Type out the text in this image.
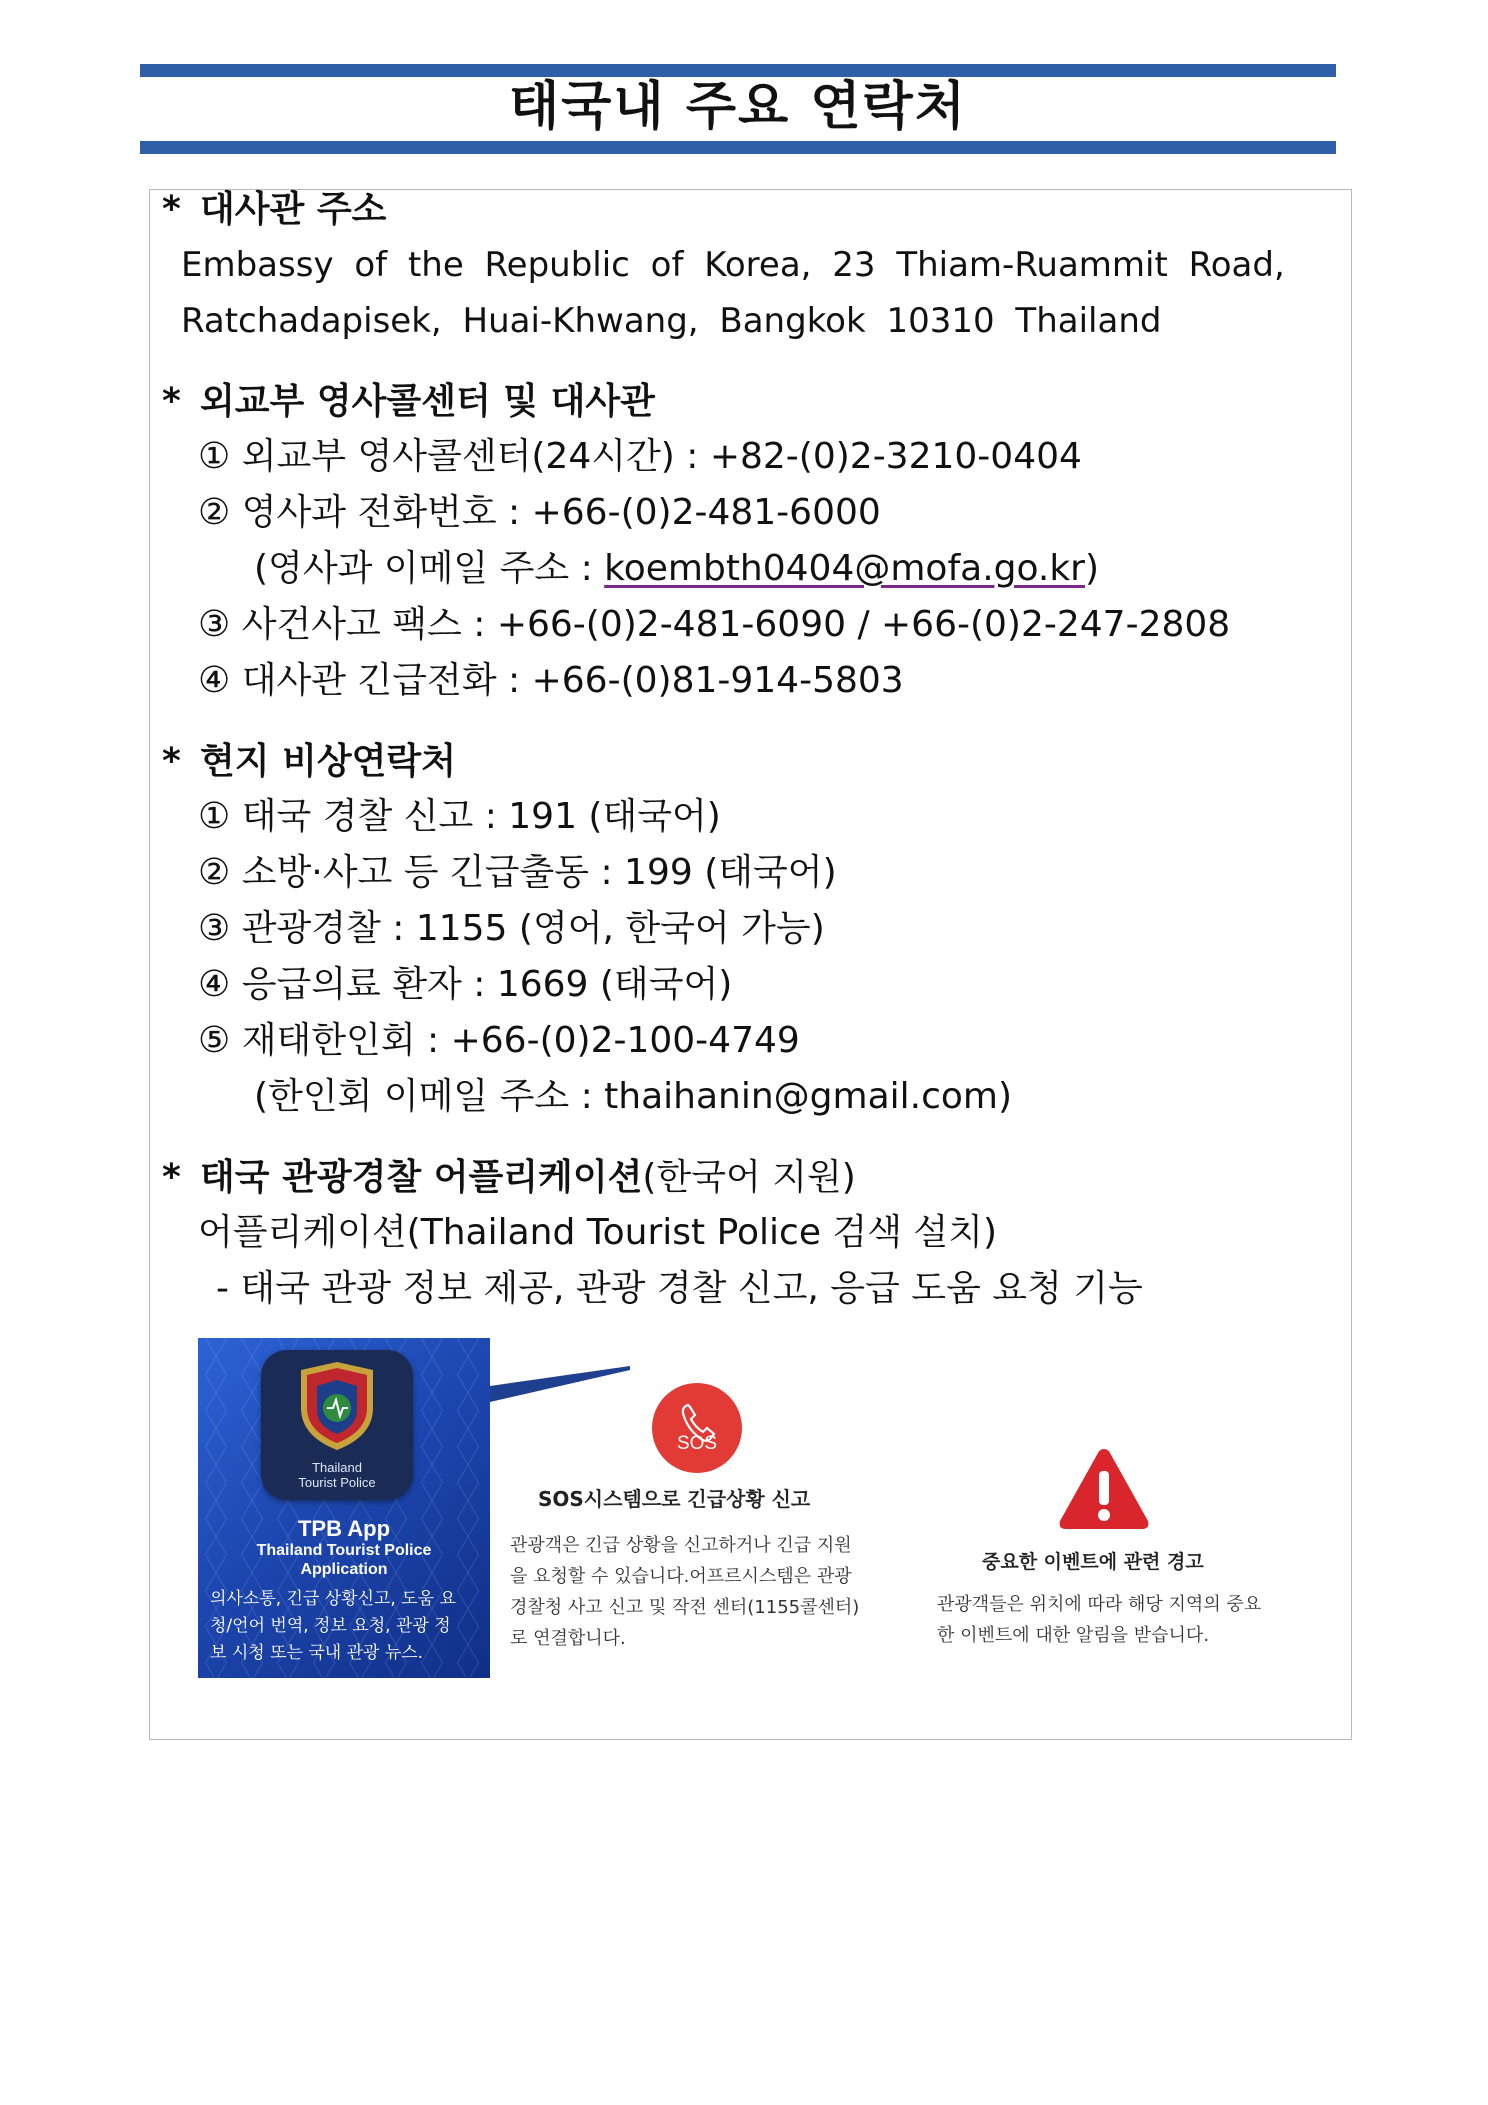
태국내 주요 연락처
* 대사관 주소
Embassy of the Republic of Korea, 23 Thiam-Ruammit Road,
Ratchadapisek, Huai-Khwang, Bangkok 10310 Thailand
* 외교부 영사콜센터 및 대사관
① 외교부 영사콜센터(24시간) : +82-(0)2-3210-0404
② 영사과 전화번호 : +66-(0)2-481-6000
(영사과 이메일 주소 : koembth0404@mofa.go.kr)
③ 사건사고 팩스 : +66-(0)2-481-6090 / +66-(0)2-247-2808
④ 대사관 긴급전화 : +66-(0)81-914-5803
* 현지 비상연락처
① 태국 경찰 신고 : 191 (태국어)
② 소방·사고 등 긴급출동 : 199 (태국어)
③ 관광경찰 : 1155 (영어, 한국어 가능)
④ 응급의료 환자 : 1669 (태국어)
⑤ 재태한인회 : +66-(0)2-100-4749
(한인회 이메일 주소 : thaihanin@gmail.com)
* 태국 관광경찰 어플리케이션(한국어 지원)
어플리케이션(Thailand Tourist Police 검색 설치)
- 태국 관광 정보 제공, 관광 경찰 신고, 응급 도움 요청 기능
Thailand
Tourist Police
TPB App
Thailand Tourist Police
Application
의사소통, 긴급 상황신고, 도움 요
청/언어 번역, 정보 요청, 관광 정
보 시청 또는 국내 관광 뉴스.
SOS
SOS시스템으로 긴급상황 신고
관광객은 긴급 상황을 신고하거나 긴급 지원
을 요청할 수 있습니다.어프르시스템은 관광
경찰청 사고 신고 및 작전 센터(1155콜센터)
로 연결합니다.
중요한 이벤트에 관련 경고
관광객들은 위치에 따라 해당 지역의 중요
한 이벤트에 대한 알림을 받습니다.
